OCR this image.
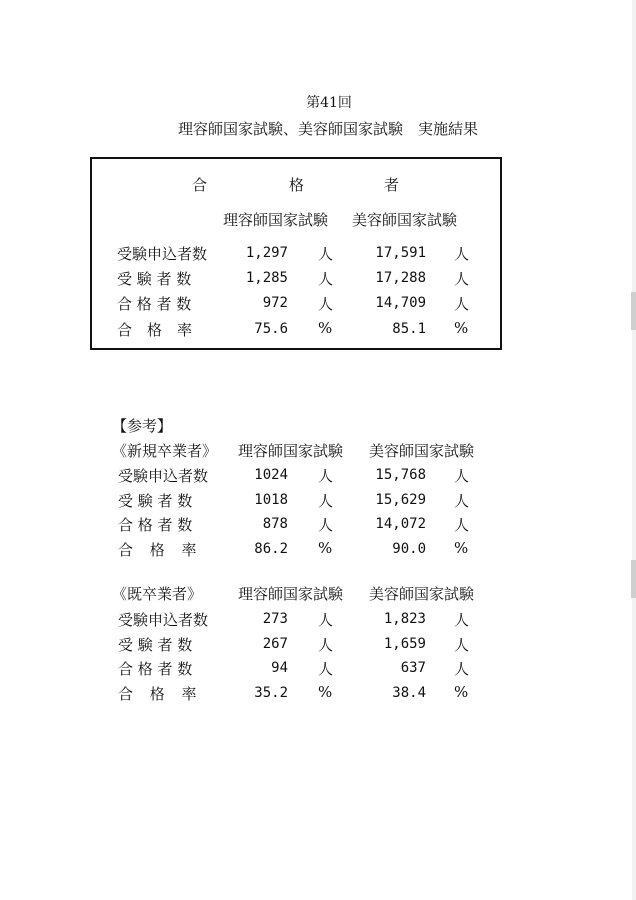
第41回
理容師国家試験、美容師国家試験　実施結果
合	格	者
理容師国家試験 美容師国家試験
受験申込者数	1,297 人	17,591 人
受 験 者 数	1,285 人	17,288 人
合 格 者 数	972 人	14,709 人
合　格　率	75.6 %	85.1 %
【参考】
《新規卒業者》 理容師国家試験 美容師国家試験
受験申込者数	1024 人	15,768 人
受 験 者 数	1018 人	15,629 人
合 格 者 数	878 人	14,072 人
合 格 率	86.2 %	90.0 %
《既卒業者》 理容師国家試験 美容師国家試験
受験申込者数	273 人	1,823 人
受 験 者 数	267 人	1,659 人
合 格 者 数	94 人	637 人
合 格 率	35.2 %	38.4 %
